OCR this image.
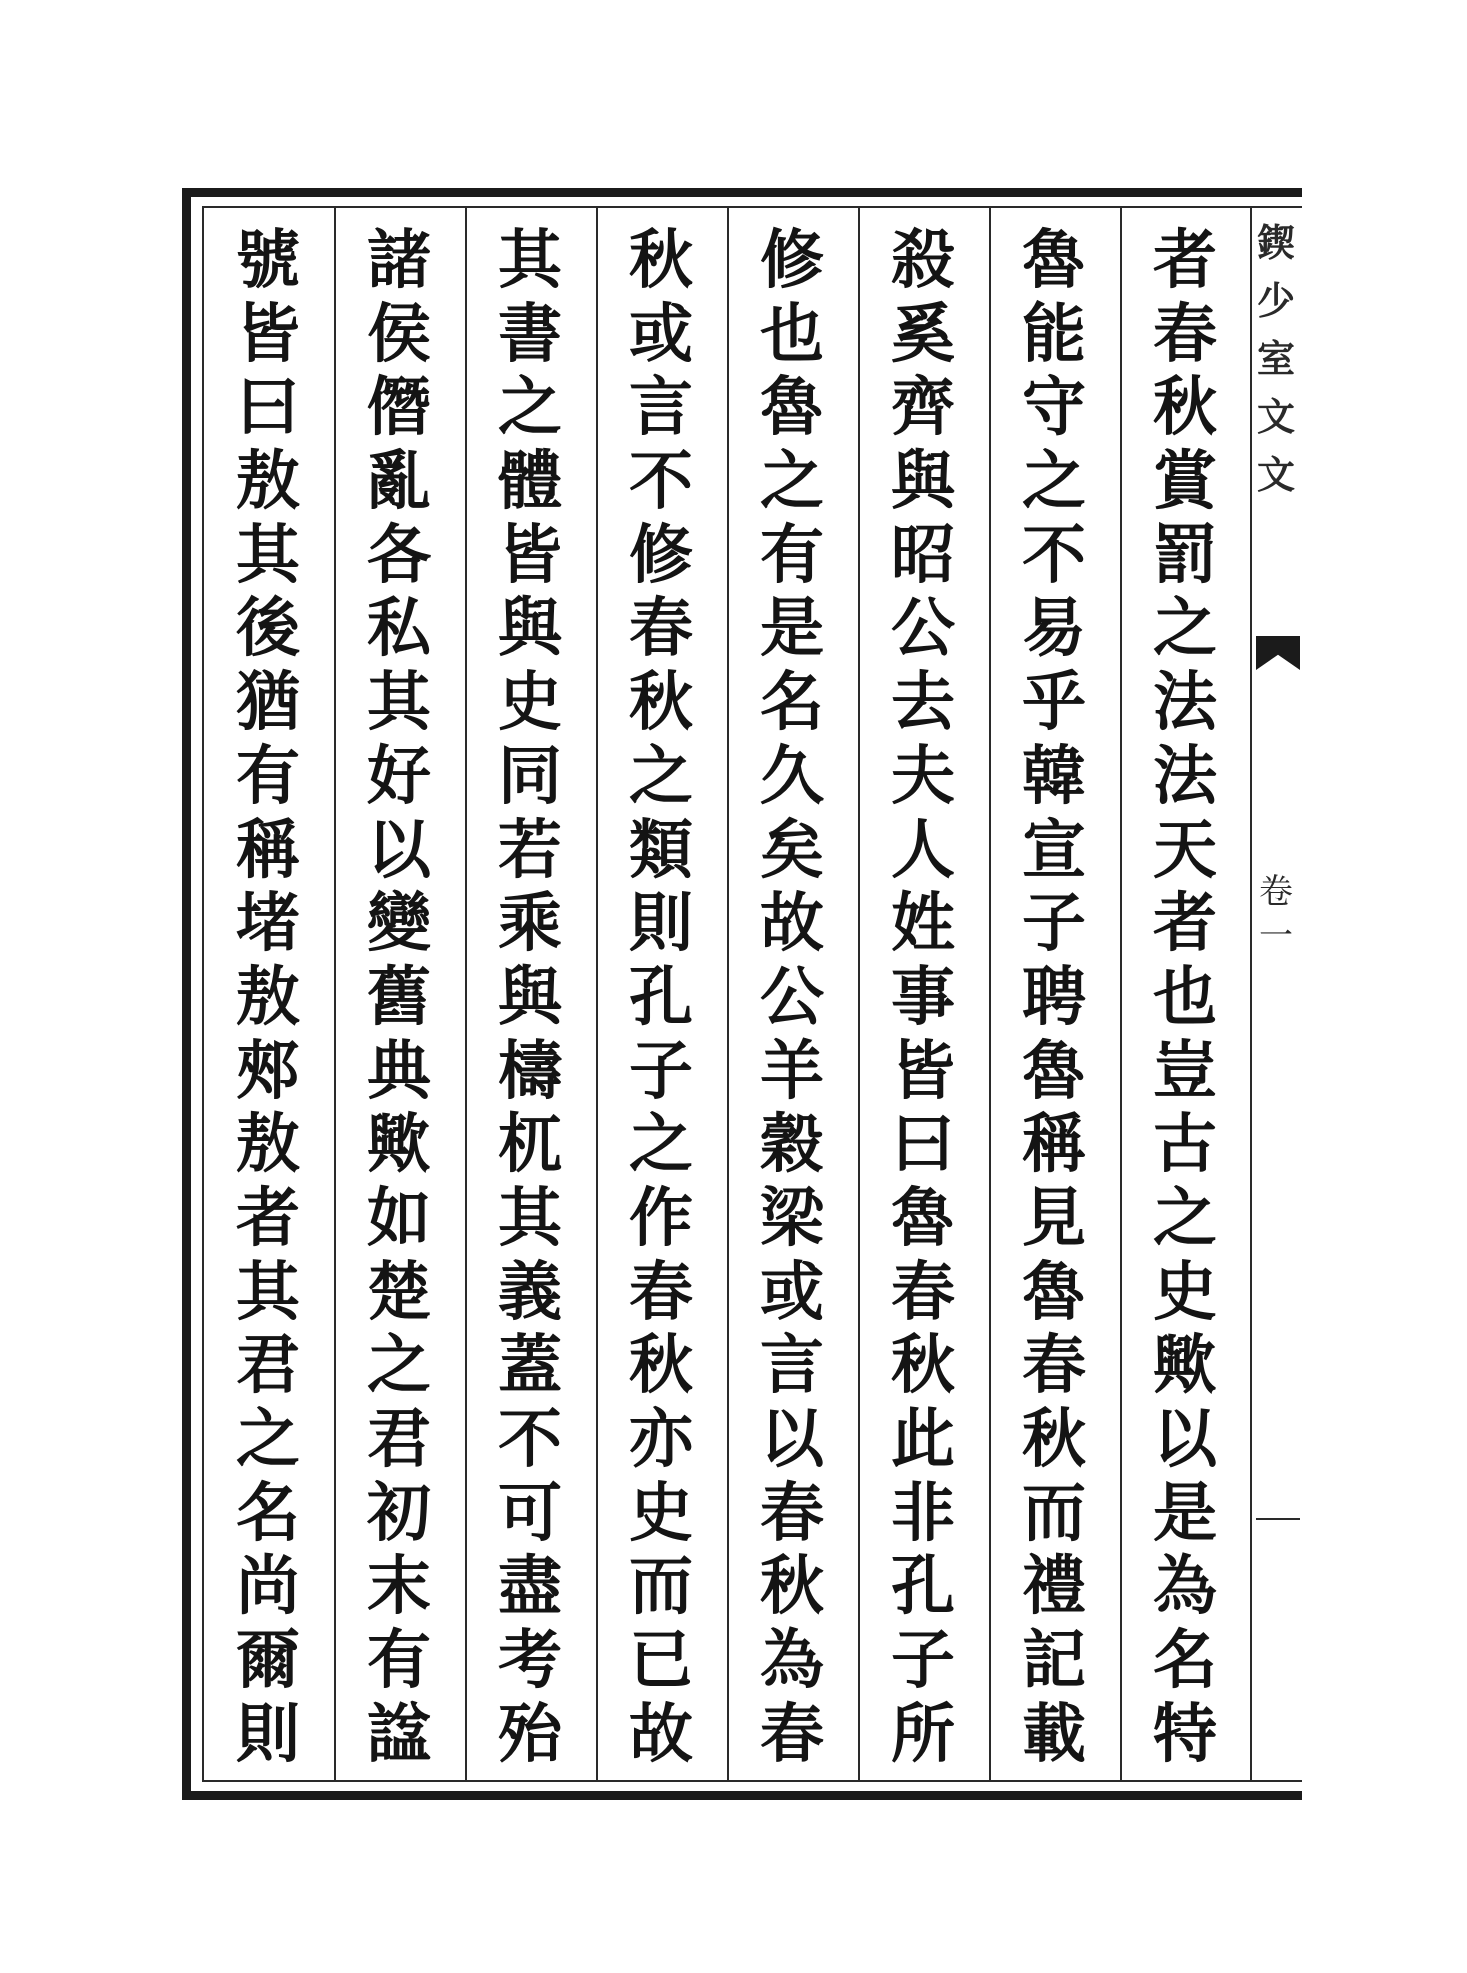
者
春
秋
賞
罰
之
法
法
天
者
也
豈
古
之
史
歟
以
是
為
名
特
魯
能
守
之
不
易
乎
韓
宣
子
聘
魯
稱
見
魯
春
秋
而
禮
記
載
殺
奚
齊
與
昭
公
去
夫
人
姓
事
皆
曰
魯
春
秋
此
非
孔
子
所
修
也
魯
之
有
是
名
久
矣
故
公
羊
穀
梁
或
言
以
春
秋
為
春
秋
或
言
不
修
春
秋
之
類
則
孔
子
之
作
春
秋
亦
史
而
已
故
其
書
之
體
皆
與
史
同
若
乘
與
檮
杌
其
義
蓋
不
可
盡
考
殆
諸
侯
僭
亂
各
私
其
好
以
變
舊
典
歟
如
楚
之
君
初
末
有
諡
號
皆
曰
敖
其
後
猶
有
稱
堵
敖
郟
敖
者
其
君
之
名
尚
爾
則
鍥
少
室
文
文
卷
一
